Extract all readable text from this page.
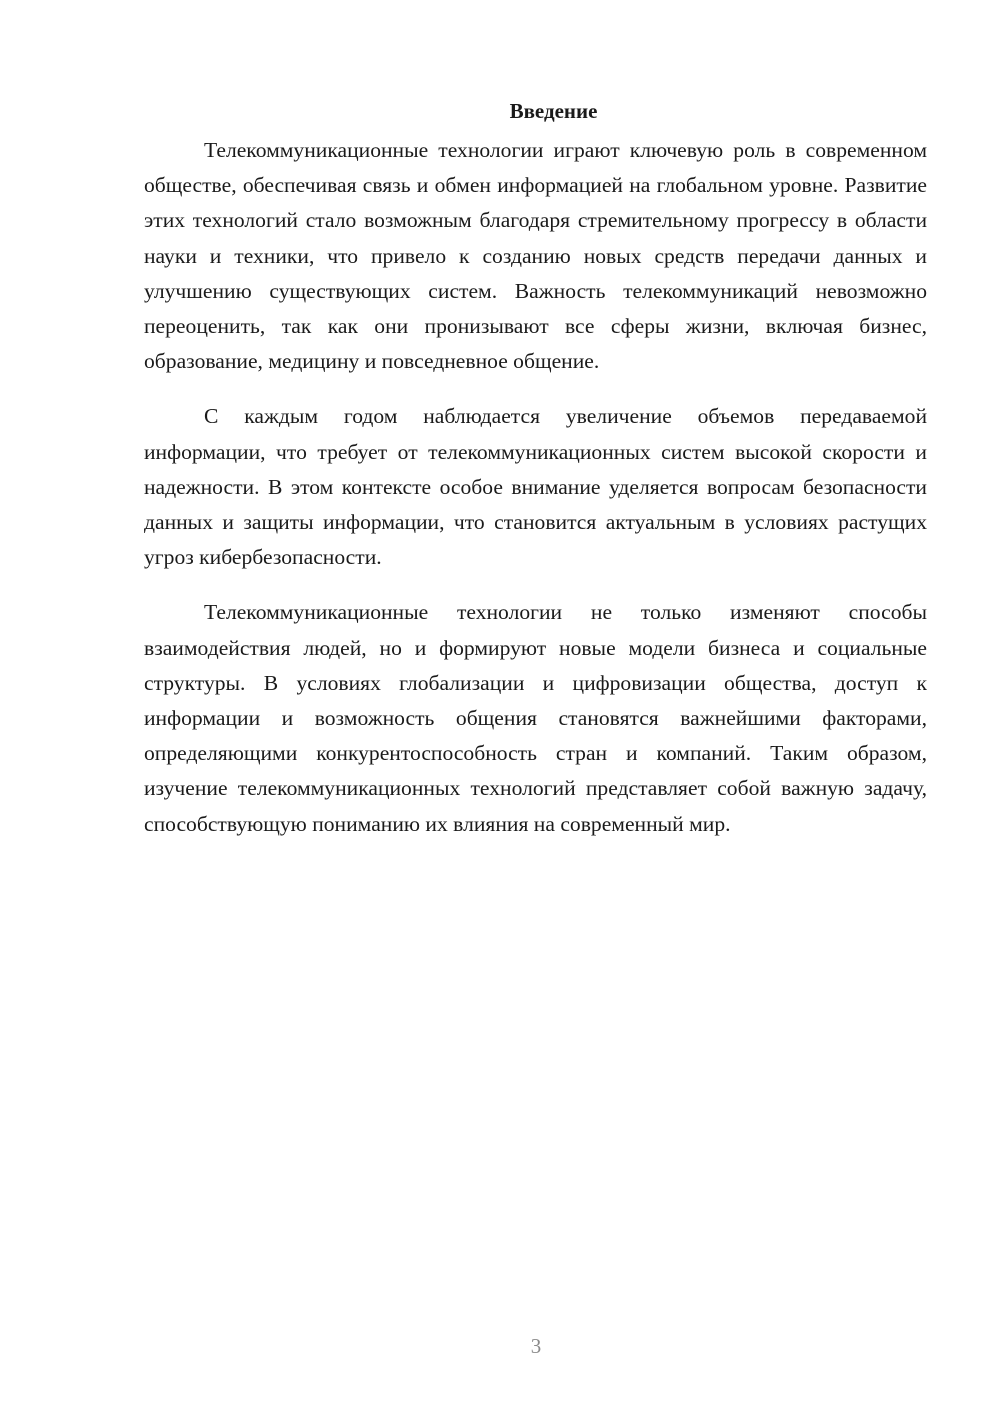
Введение

Телекоммуникационные технологии играют ключевую роль в современном обществе, обеспечивая связь и обмен информацией на глобальном уровне. Развитие этих технологий стало возможным благодаря стремительному прогрессу в области науки и техники, что привело к созданию новых средств передачи данных и улучшению существующих систем. Важность телекоммуникаций невозможно переоценить, так как они пронизывают все сферы жизни, включая бизнес, образование, медицину и повседневное общение.

С каждым годом наблюдается увеличение объемов передаваемой информации, что требует от телекоммуникационных систем высокой скорости и надежности. В этом контексте особое внимание уделяется вопросам безопасности данных и защиты информации, что становится актуальным в условиях растущих угроз кибербезопасности.

Телекоммуникационные технологии не только изменяют способы взаимодействия людей, но и формируют новые модели бизнеса и социальные структуры. В условиях глобализации и цифровизации общества, доступ к информации и возможность общения становятся важнейшими факторами, определяющими конкурентоспособность стран и компаний. Таким образом, изучение телекоммуникационных технологий представляет собой важную задачу, способствующую пониманию их влияния на современный мир.

3
